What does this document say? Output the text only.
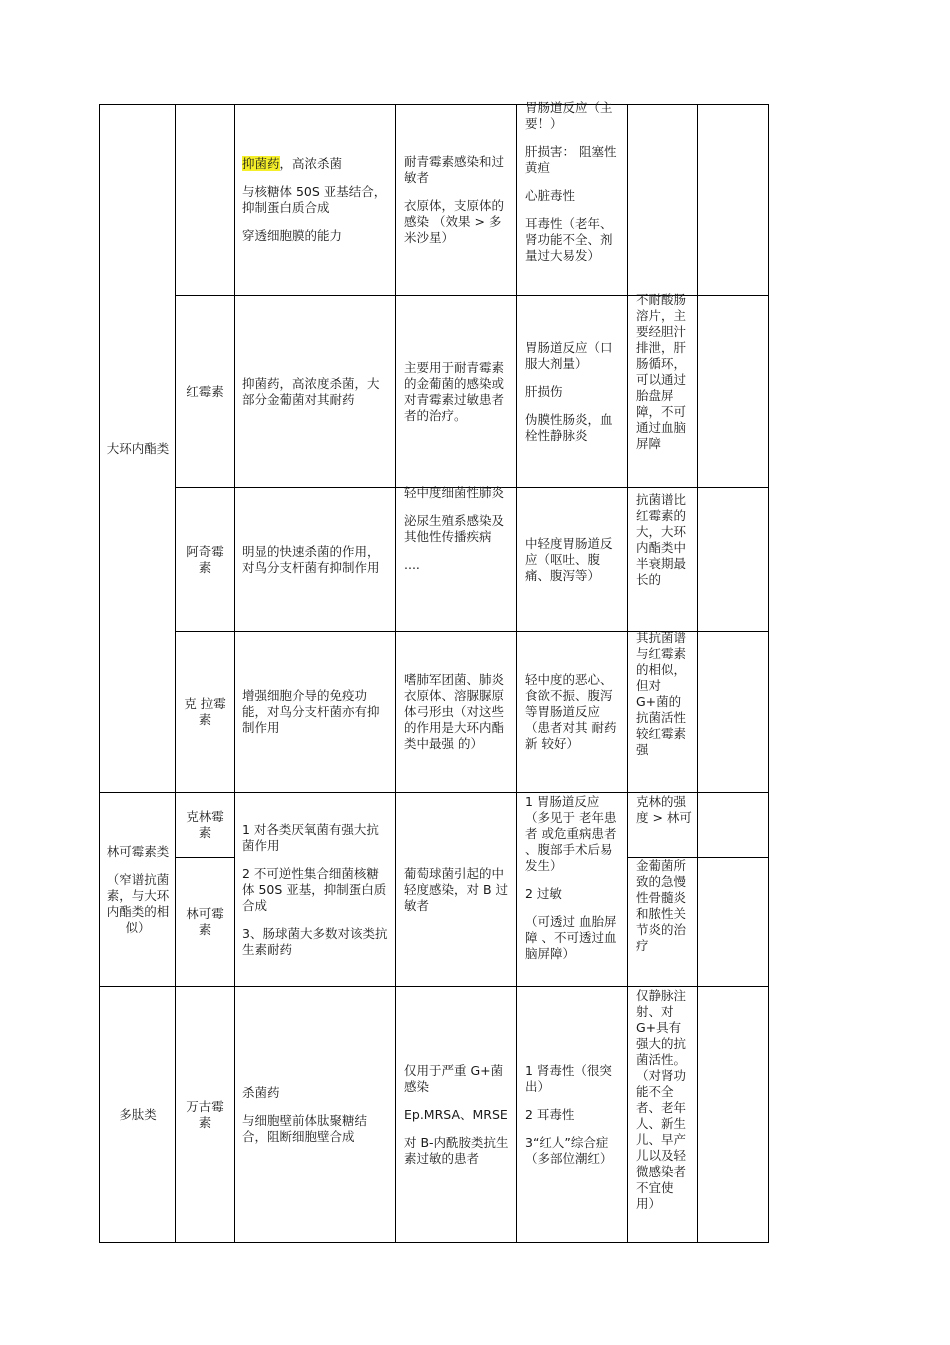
大环内酯类

林可霉素类

（窄谱抗菌素，与大环内酯类的相似）

多肽类

抑菌药，高浓杀菌

与核糖体 50S 亚基结合，抑制蛋白质合成

穿透细胞膜的能力

耐青霉素感染和过敏者

衣原体，支原体的感染 （效果 > 多米沙星）

胃肠道反应（主要！）

肝损害： 阻塞性黄疸

心脏毒性

耳毒性（老年、肾功能不全、剂量过大易发）

红霉素

抑菌药，高浓度杀菌，大部分金葡菌对其耐药

主要用于耐青霉素的金葡菌的感染或对青霉素过敏患者者的治疗。

胃肠道反应（口服大剂量）

肝损伤

伪膜性肠炎，血栓性静脉炎

不耐酸肠溶片，主要经胆汁排泄，肝肠循环，可以通过胎盘屏障，不可通过血脑屏障

阿奇霉素

明显的快速杀菌的作用，对鸟分支杆菌有抑制作用

轻中度细菌性肺炎

泌尿生殖系感染及其他性传播疾病

....

中轻度胃肠道反应（呕吐、腹痛、腹泻等）

抗菌谱比红霉素的大，大环内酯类中半衰期最长的

克 拉霉素

增强细胞介导的免疫功能，对鸟分支杆菌亦有抑制作用

嗜肺军团菌、肺炎衣原体、溶脲脲原体弓形虫（对这些的作用是大环内酯类中最强 的）

轻中度的恶心、食欲不振、腹泻等胃肠道反应（患者对其 耐药新 较好）

其抗菌谱与红霉素的相似，但对 G+菌的抗菌活性较红霉素强

克林霉素
林可霉素

1 对各类厌氧菌有强大抗菌作用

2 不可逆性集合细菌核糖体 50S 亚基，抑制蛋白质合成

3、肠球菌大多数对该类抗生素耐药

葡萄球菌引起的中轻度感染，对 B 过敏者

1 胃肠道反应（多见于 老年患者 或危重病患者 、腹部手术后易发生）

2 过敏

（可透过 血胎屏障 、不可透过血脑屏障）

克林的强度 > 林可

金葡菌所致的急慢性骨髓炎和脓性关节炎的治疗

万古霉素

杀菌药

与细胞壁前体肽聚糖结合，阻断细胞壁合成

仅用于严重 G+菌感染

Ep.MRSA、MRSE

对 B-内酰胺类抗生素过敏的患者

1 肾毒性（很突出）

2 耳毒性

3“红人”综合症（多部位潮红）

仅静脉注射、对 G+具有强大的抗菌活性。（对肾功能不全者、老年人、新生儿、早产儿以及轻微感染者不宜使用）
